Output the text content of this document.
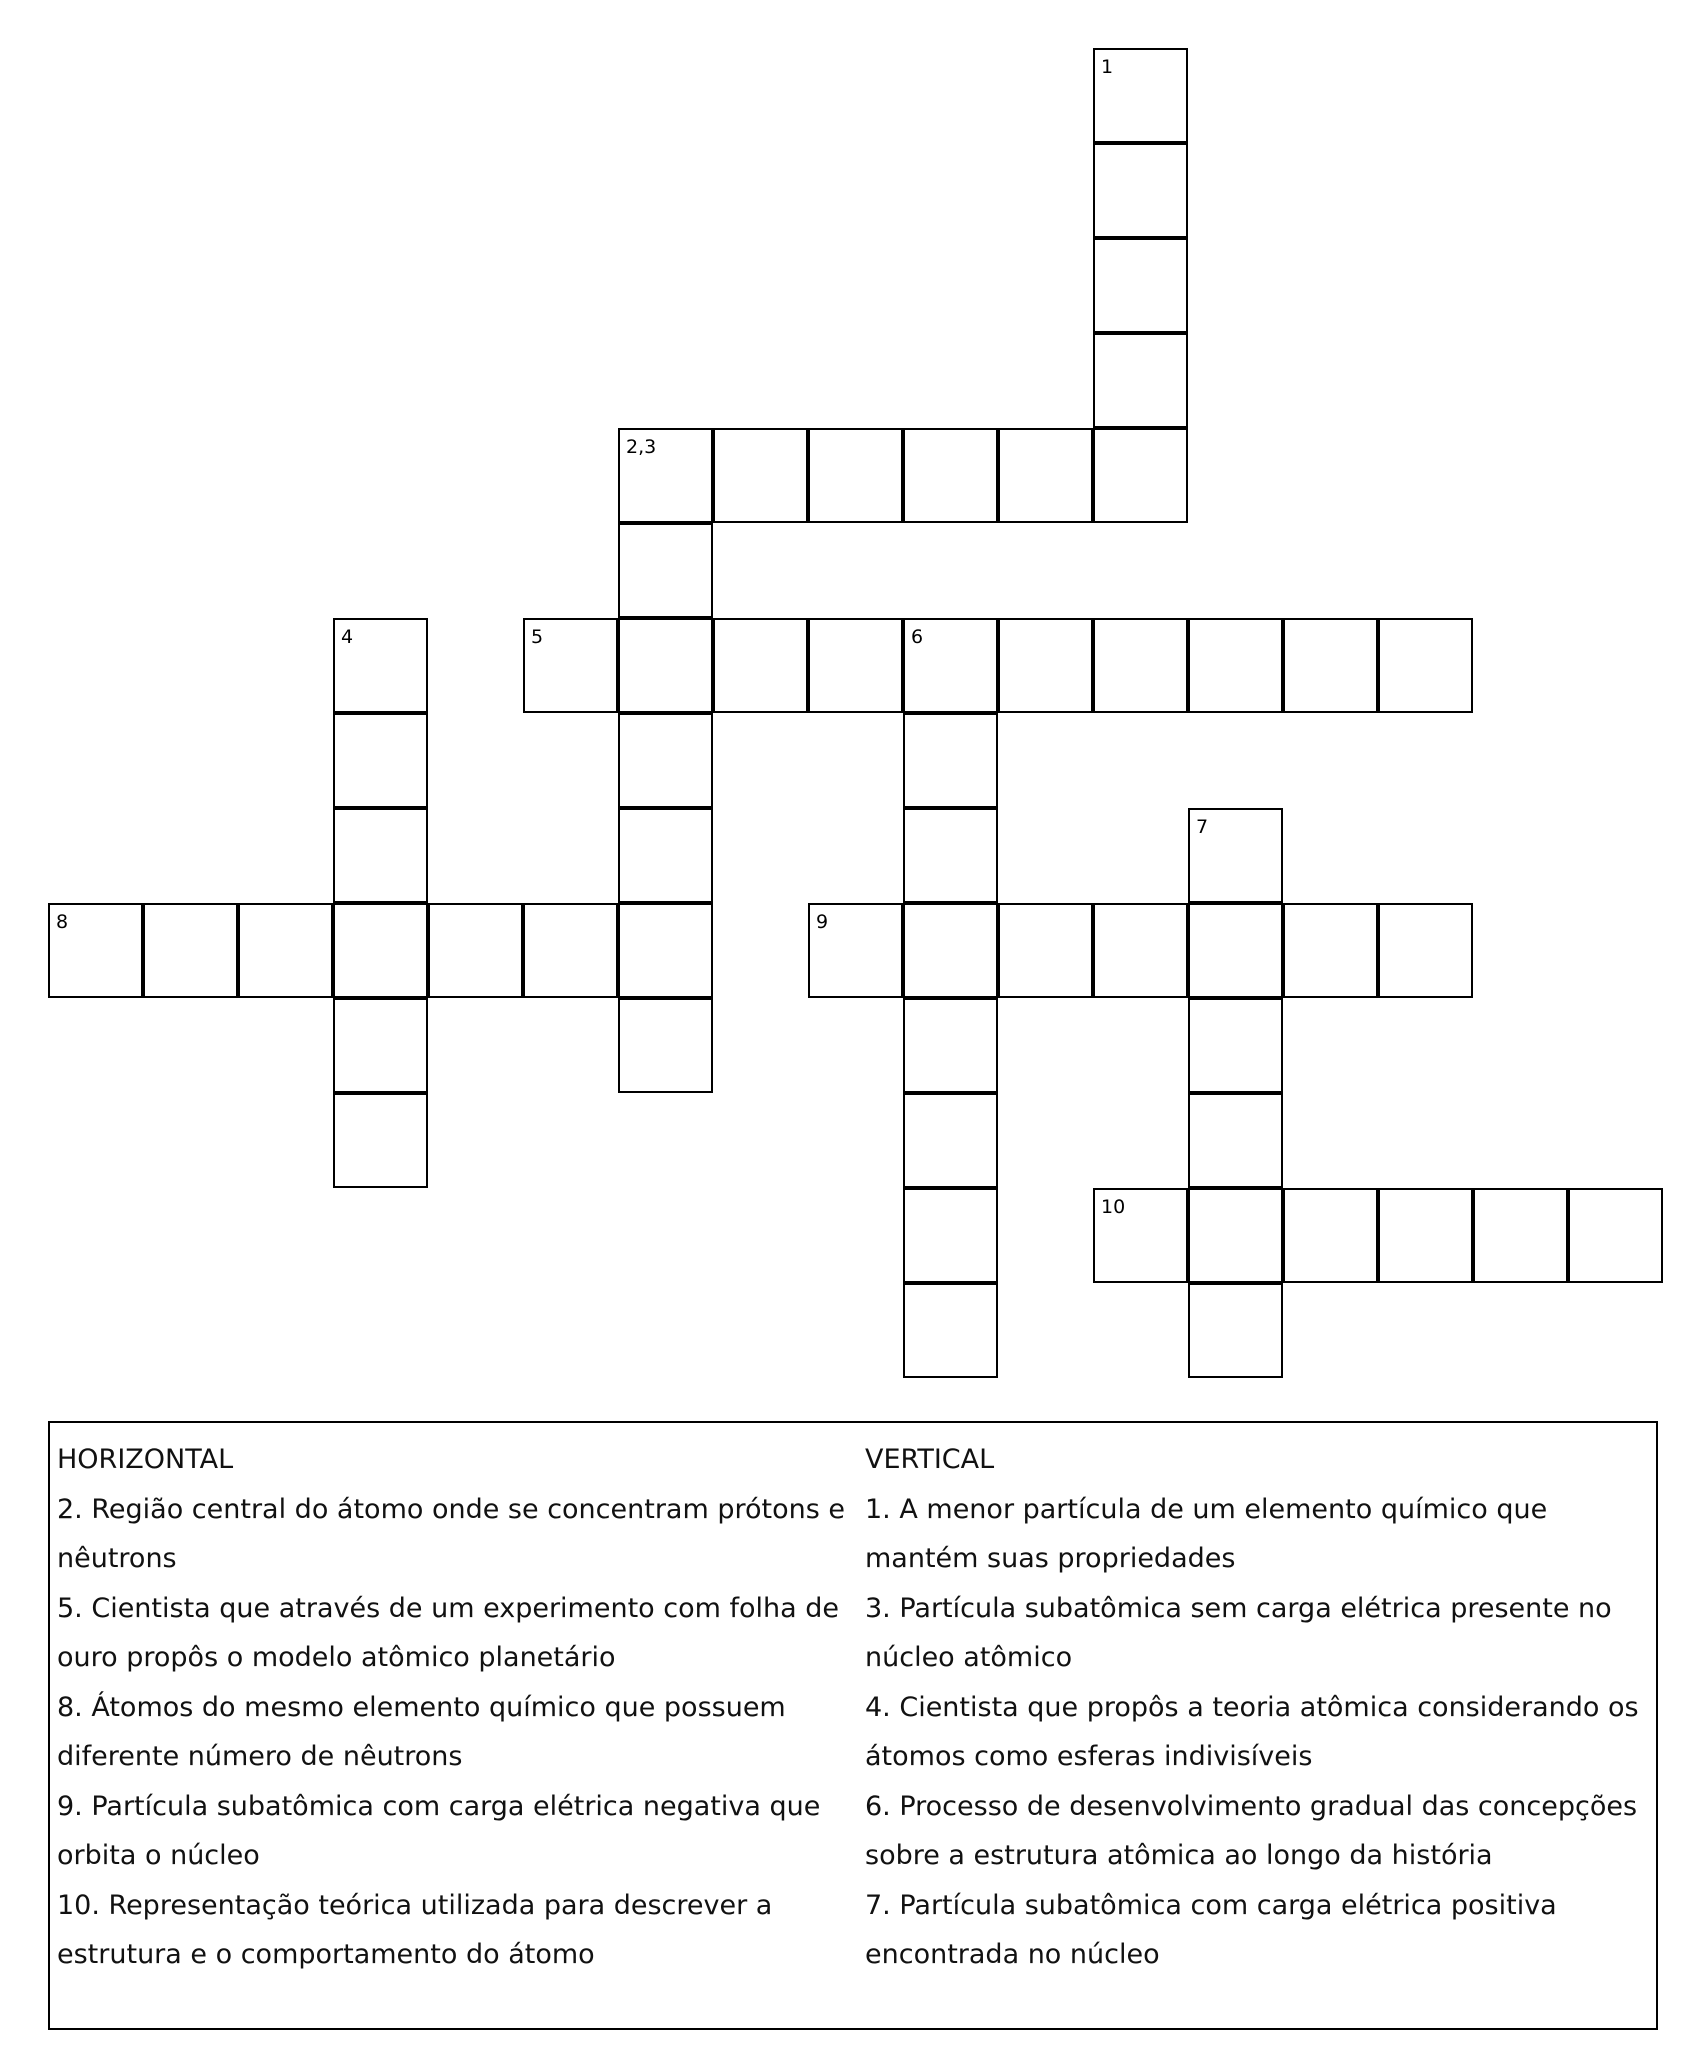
1
2,3
4	5	6
7
8	9
10
HORIZONTAL
2. Região central do átomo onde se concentram prótons e nêutrons
5. Cientista que através de um experimento com folha de ouro propôs o modelo atômico planetário
8. Átomos do mesmo elemento químico que possuem diferente número de nêutrons
9. Partícula subatômica com carga elétrica negativa que orbita o núcleo
10. Representação teórica utilizada para descrever a estrutura e o comportamento do átomo
VERTICAL
1. A menor partícula de um elemento químico que mantém suas propriedades
3. Partícula subatômica sem carga elétrica presente no núcleo atômico
4. Cientista que propôs a teoria atômica considerando os átomos como esferas indivisíveis
6. Processo de desenvolvimento gradual das concepções sobre a estrutura atômica ao longo da história
7. Partícula subatômica com carga elétrica positiva encontrada no núcleo
